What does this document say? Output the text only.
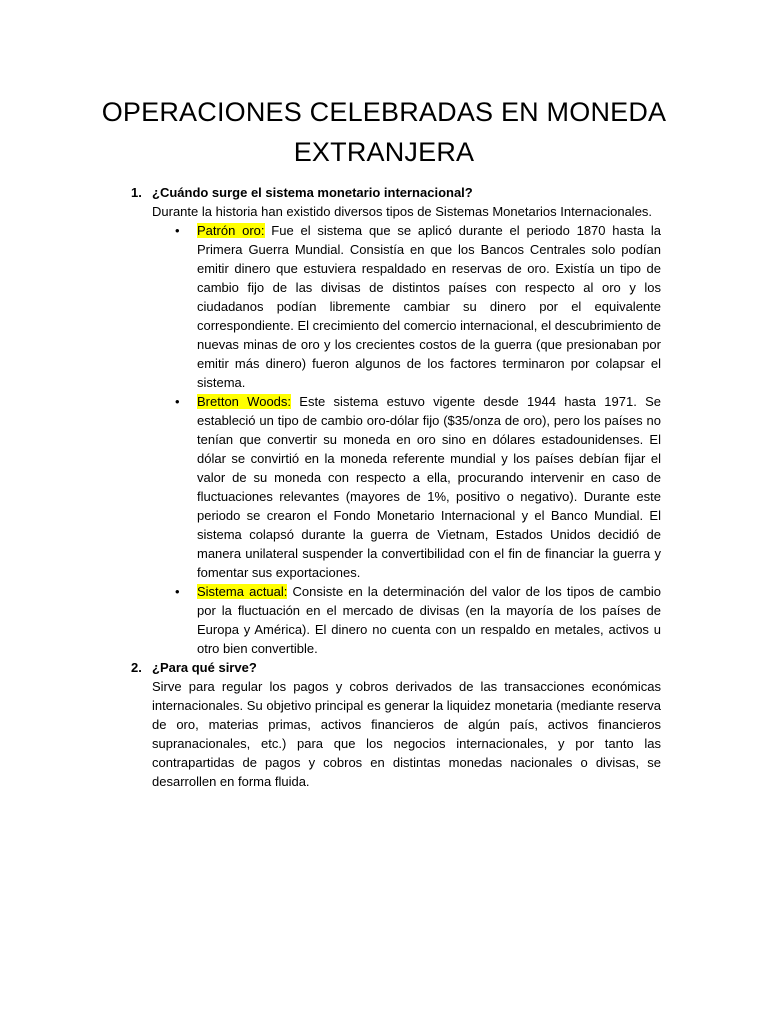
OPERACIONES CELEBRADAS EN MONEDA
EXTRANJERA
1. ¿Cuándo surge el sistema monetario internacional?

Durante la historia han existido diversos tipos de Sistemas Monetarios Internacionales.

• Patrón oro: Fue el sistema que se aplicó durante el periodo 1870 hasta la Primera Guerra Mundial. Consistía en que los Bancos Centrales solo podían emitir dinero que estuviera respaldado en reservas de oro. Existía un tipo de cambio fijo de las divisas de distintos países con respecto al oro y los ciudadanos podían libremente cambiar su dinero por el equivalente correspondiente. El crecimiento del comercio internacional, el descubrimiento de nuevas minas de oro y los crecientes costos de la guerra (que presionaban por emitir más dinero) fueron algunos de los factores terminaron por colapsar el sistema.
• Bretton Woods: Este sistema estuvo vigente desde 1944 hasta 1971. Se estableció un tipo de cambio oro-dólar fijo ($35/onza de oro), pero los países no tenían que convertir su moneda en oro sino en dólares estadounidenses. El dólar se convirtió en la moneda referente mundial y los países debían fijar el valor de su moneda con respecto a ella, procurando intervenir en caso de fluctuaciones relevantes (mayores de 1%, positivo o negativo). Durante este periodo se crearon el Fondo Monetario Internacional y el Banco Mundial. El sistema colapsó durante la guerra de Vietnam, Estados Unidos decidió de manera unilateral suspender la convertibilidad con el fin de financiar la guerra y fomentar sus exportaciones.
• Sistema actual: Consiste en la determinación del valor de los tipos de cambio por la fluctuación en el mercado de divisas (en la mayoría de los países de Europa y América). El dinero no cuenta con un respaldo en metales, activos u otro bien convertible.
2. ¿Para qué sirve?

Sirve para regular los pagos y cobros derivados de las transacciones económicas internacionales. Su objetivo principal es generar la liquidez monetaria (mediante reserva de oro, materias primas, activos financieros de algún país, activos financieros supranacionales, etc.) para que los negocios internacionales, y por tanto las contrapartidas de pagos y cobros en distintas monedas nacionales o divisas, se desarrollen en forma fluida.
